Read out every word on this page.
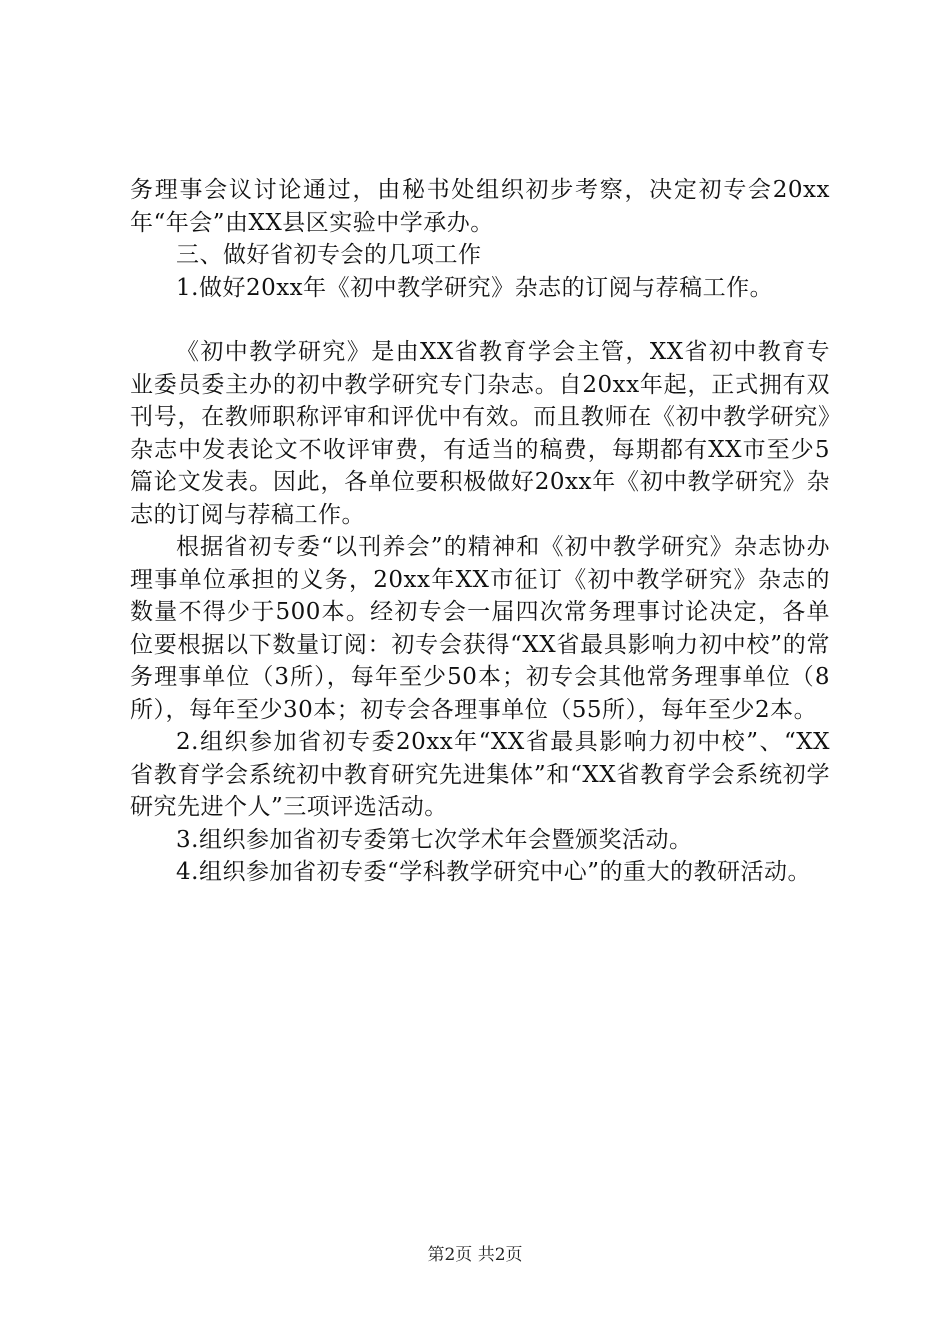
务理事会议讨论通过，由秘书处组织初步考察，决定初专会20xx年“年会”由XX县区实验中学承办。

三、做好省初专会的几项工作

1.做好20xx年《初中教学研究》杂志的订阅与荐稿工作。

《初中教学研究》是由XX省教育学会主管，XX省初中教育专业委员委主办的初中教学研究专门杂志。自20xx年起，正式拥有双刊号，在教师职称评审和评优中有效。而且教师在《初中教学研究》杂志中发表论文不收评审费，有适当的稿费，每期都有XX市至少5篇论文发表。因此，各单位要积极做好20xx年《初中教学研究》杂志的订阅与荐稿工作。

根据省初专委“以刊养会”的精神和《初中教学研究》杂志协办理事单位承担的义务，20xx年XX市征订《初中教学研究》杂志的数量不得少于500本。经初专会一届四次常务理事讨论决定，各单位要根据以下数量订阅：初专会获得“XX省最具影响力初中校”的常务理事单位（3所），每年至少50本；初专会其他常务理事单位（8所），每年至少30本；初专会各理事单位（55所），每年至少2本。

2.组织参加省初专委20xx年“XX省最具影响力初中校”、“XX省教育学会系统初中教育研究先进集体”和“XX省教育学会系统初学研究先进个人”三项评选活动。

3.组织参加省初专委第七次学术年会暨颁奖活动。

4.组织参加省初专委“学科教学研究中心”的重大的教研活动。

第2页 共2页
